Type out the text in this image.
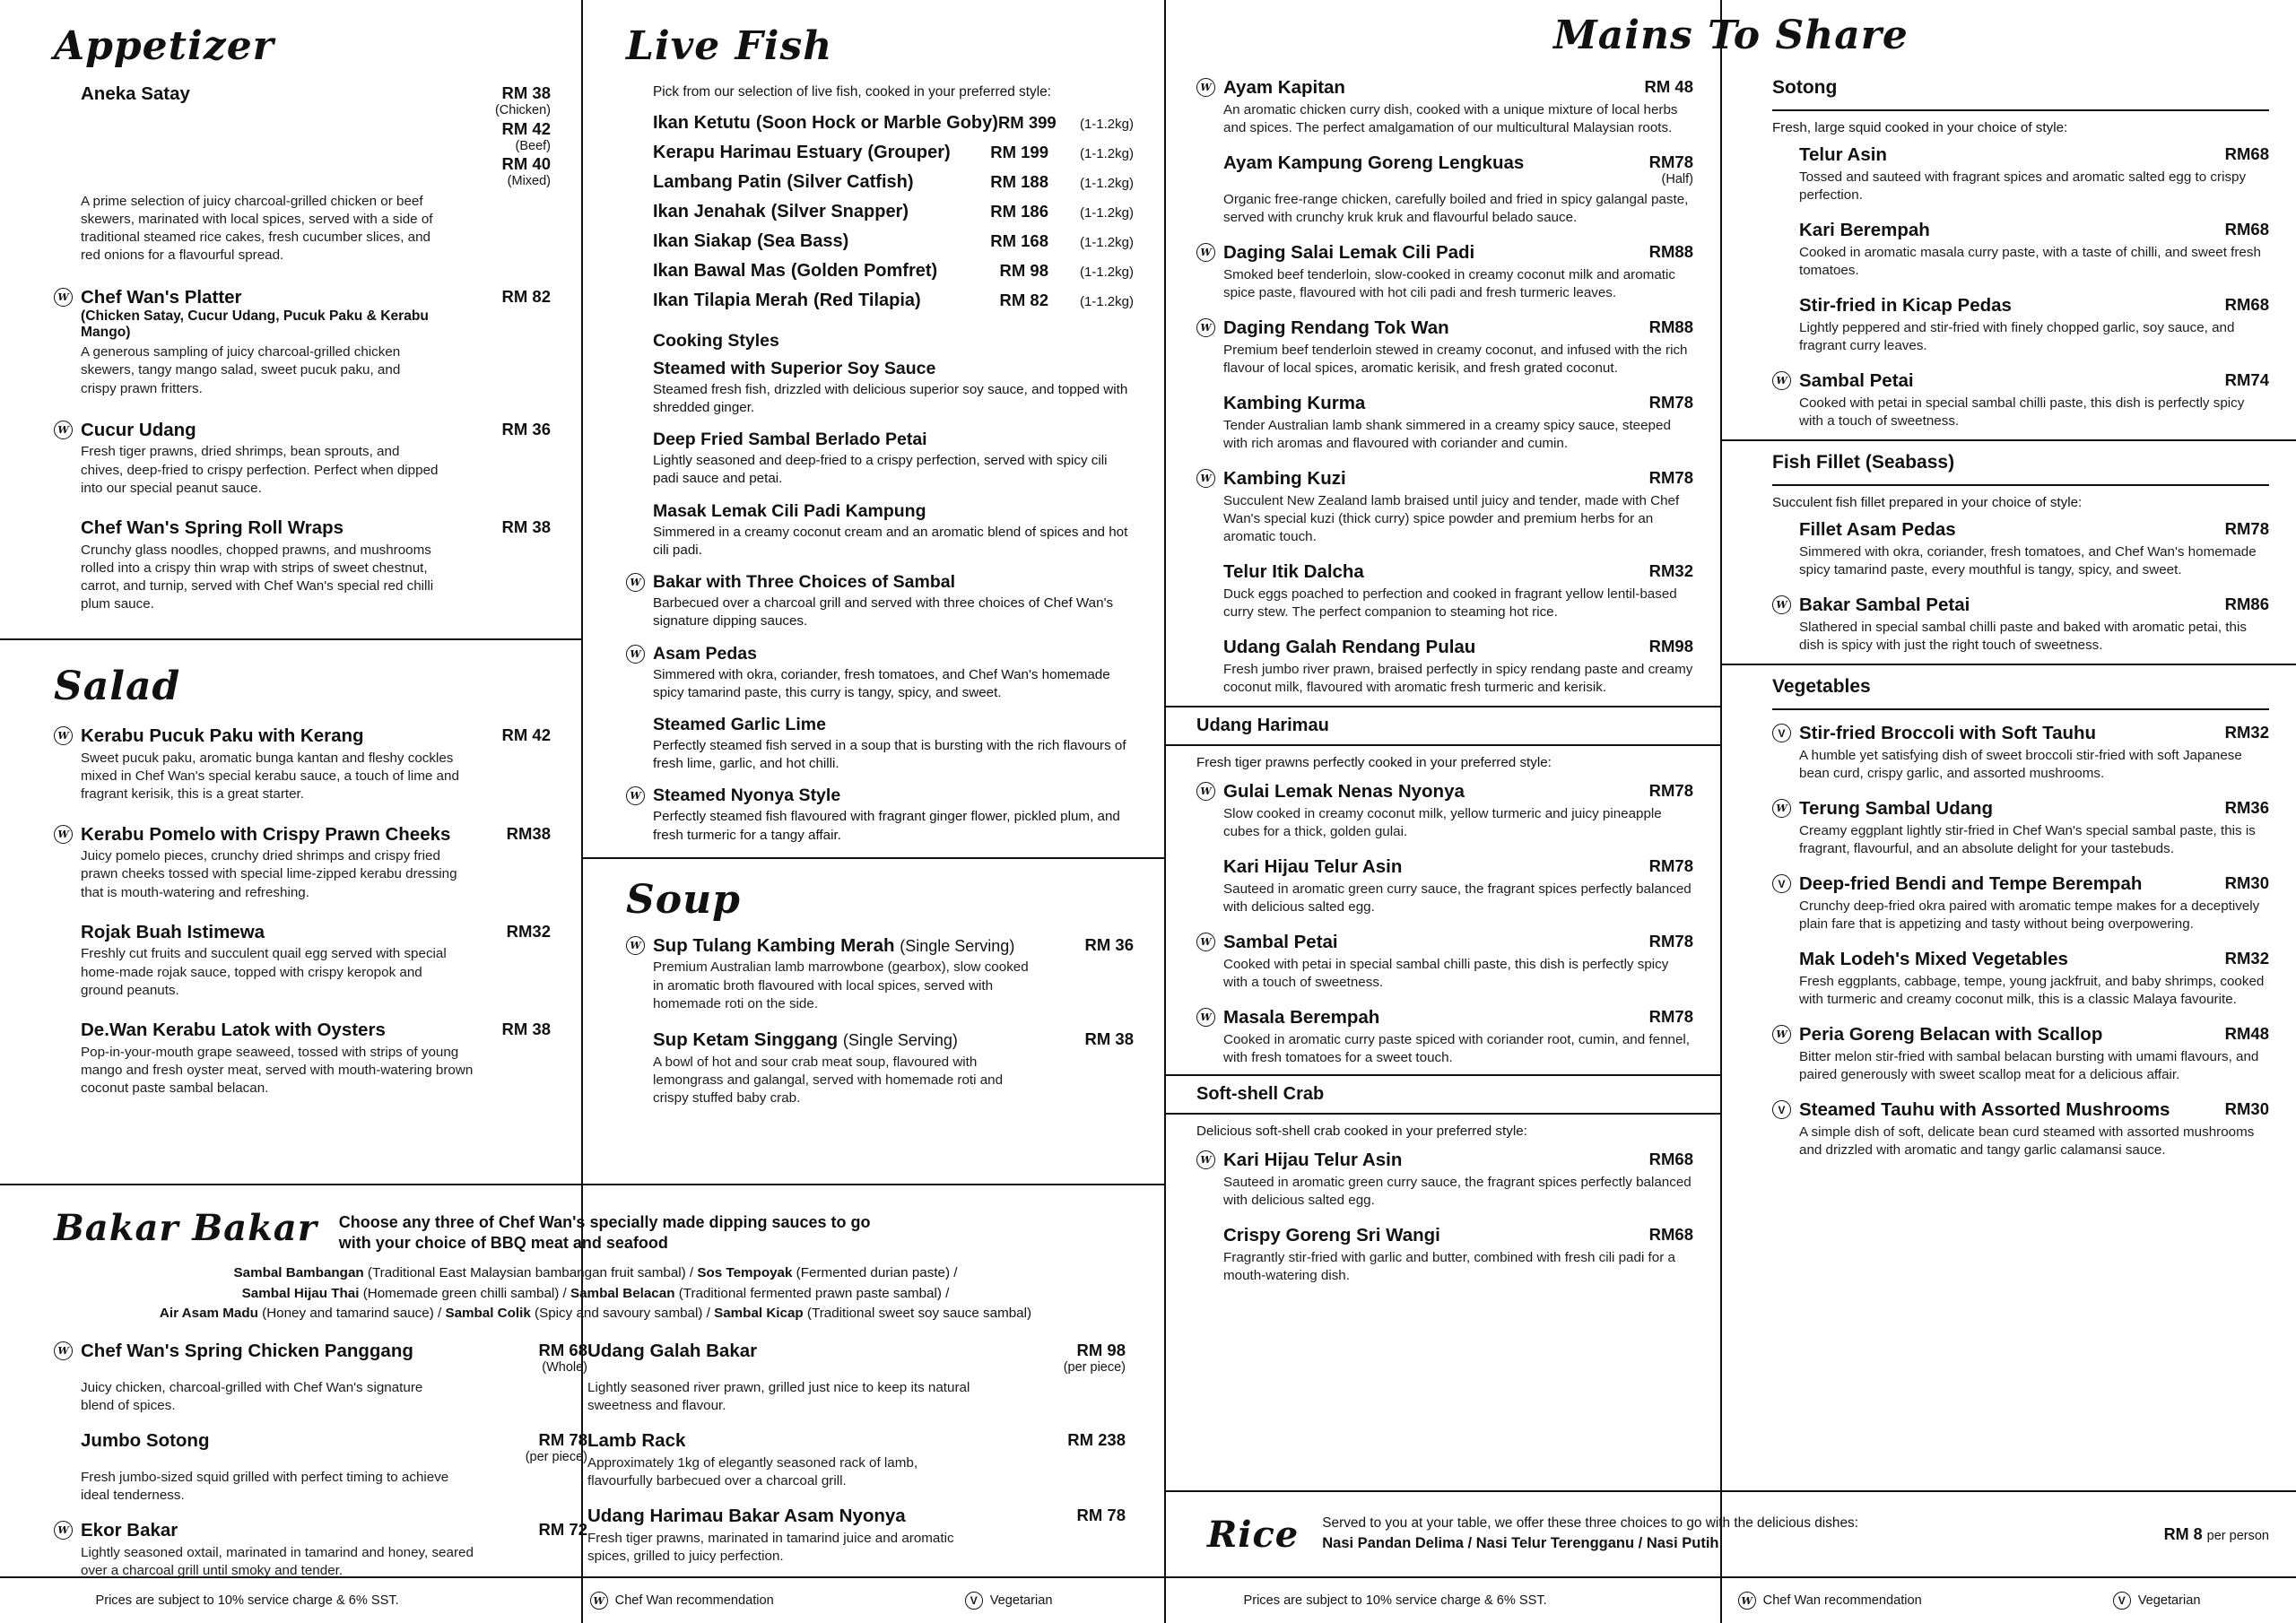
Appetizer
Aneka Satay	RM 38
(Chicken)
RM 42
(Beef)
RM 40
(Mixed)
A prime selection of juicy charcoal-grilled chicken or beef skewers, marinated with local spices, served with a side of traditional steamed rice cakes, fresh cucumber slices, and red onions for a flavourful spread.
W Chef Wan's Platter	RM 82
(Chicken Satay, Cucur Udang, Pucuk Paku & Kerabu Mango)
A generous sampling of juicy charcoal-grilled chicken skewers, tangy mango salad, sweet pucuk paku, and crispy prawn fritters.
W Cucur Udang	RM 36
Fresh tiger prawns, dried shrimps, bean sprouts, and chives, deep-fried to crispy perfection. Perfect when dipped into our special peanut sauce.
Chef Wan's Spring Roll Wraps	RM 38
Crunchy glass noodles, chopped prawns, and mushrooms rolled into a crispy thin wrap with strips of sweet chestnut, carrot, and turnip, served with Chef Wan's special red chilli plum sauce.
Salad
W Kerabu Pucuk Paku with Kerang	RM 42
Sweet pucuk paku, aromatic bunga kantan and fleshy cockles mixed in Chef Wan's special kerabu sauce, a touch of lime and fragrant kerisik, this is a great starter.
W Kerabu Pomelo with Crispy Prawn Cheeks	RM38
Juicy pomelo pieces, crunchy dried shrimps and crispy fried prawn cheeks tossed with special lime-zipped kerabu dressing that is mouth-watering and refreshing.
Rojak Buah Istimewa	RM32
Freshly cut fruits and succulent quail egg served with special home-made rojak sauce, topped with crispy keropok and ground peanuts.
De.Wan Kerabu Latok with Oysters	RM 38
Pop-in-your-mouth grape seaweed, tossed with strips of young mango and fresh oyster meat, served with mouth-watering brown coconut paste sambal belacan.
Live Fish
Pick from our selection of live fish, cooked in your preferred style:
Ikan Ketutu (Soon Hock or Marble Goby) RM 399	(1-1.2kg)
Kerapu Harimau Estuary (Grouper) RM 199	(1-1.2kg)
Lambang Patin (Silver Catfish)	RM 188	(1-1.2kg)
Ikan Jenahak (Silver Snapper)	RM 186	(1-1.2kg)
Ikan Siakap (Sea Bass)	RM 168	(1-1.2kg)
Ikan Bawal Mas (Golden Pomfret)	RM 98	(1-1.2kg)
Ikan Tilapia Merah (Red Tilapia)	RM 82	(1-1.2kg)
Cooking Styles
Steamed with Superior Soy Sauce
Steamed fresh fish, drizzled with delicious superior soy sauce, and topped with shredded ginger.
Deep Fried Sambal Berlado Petai
Lightly seasoned and deep-fried to a crispy perfection, served with spicy cili padi sauce and petai.
Masak Lemak Cili Padi Kampung
Simmered in a creamy coconut cream and an aromatic blend of spices and hot cili padi.
W Bakar with Three Choices of Sambal
Barbecued over a charcoal grill and served with three choices of Chef Wan's signature dipping sauces.
W Asam Pedas
Simmered with okra, coriander, fresh tomatoes, and Chef Wan's homemade spicy tamarind paste, this curry is tangy, spicy, and sweet.
Steamed Garlic Lime
Perfectly steamed fish served in a soup that is bursting with the rich flavours of fresh lime, garlic, and hot chilli.
W Steamed Nyonya Style
Perfectly steamed fish flavoured with fragrant ginger flower, pickled plum, and fresh turmeric for a tangy affair.
Soup
W Sup Tulang Kambing Merah (Single Serving)	RM 36
Premium Australian lamb marrowbone (gearbox), slow cooked in aromatic broth flavoured with local spices, served with homemade roti on the side.
Sup Ketam Singgang (Single Serving)	RM 38
A bowl of hot and sour crab meat soup, flavoured with lemongrass and galangal, served with homemade roti and crispy stuffed baby crab.
W Ayam Kapitan	RM 48
An aromatic chicken curry dish, cooked with a unique mixture of local herbs and spices. The perfect amalgamation of our multicultural Malaysian roots.
Ayam Kampung Goreng Lengkuas	RM78
(Half)
Organic free-range chicken, carefully boiled and fried in spicy galangal paste, served with crunchy kruk kruk and flavourful belado sauce.
W Daging Salai Lemak Cili Padi	RM88
Smoked beef tenderloin, slow-cooked in creamy coconut milk and aromatic spice paste, flavoured with hot cili padi and fresh turmeric leaves.
W Daging Rendang Tok Wan	RM88
Premium beef tenderloin stewed in creamy coconut, and infused with the rich flavour of local spices, aromatic kerisik, and fresh grated coconut.
Kambing Kurma	RM78
Tender Australian lamb shank simmered in a creamy spicy sauce, steeped with rich aromas and flavoured with coriander and cumin.
W Kambing Kuzi	RM78
Succulent New Zealand lamb braised until juicy and tender, made with Chef Wan's special kuzi (thick curry) spice powder and premium herbs for an aromatic touch.
Telur Itik Dalcha	RM32
Duck eggs poached to perfection and cooked in fragrant yellow lentil-based curry stew. The perfect companion to steaming hot rice.
Udang Galah Rendang Pulau	RM98
Fresh jumbo river prawn, braised perfectly in spicy rendang paste and creamy coconut milk, flavoured with aromatic fresh turmeric and kerisik.
Udang Harimau
Fresh tiger prawns perfectly cooked in your preferred style:
W Gulai Lemak Nenas Nyonya	RM78
Slow cooked in creamy coconut milk, yellow turmeric and juicy pineapple cubes for a thick, golden gulai.
Kari Hijau Telur Asin	RM78
Sauteed in aromatic green curry sauce, the fragrant spices perfectly balanced with delicious salted egg.
W Sambal Petai	RM78
Cooked with petai in special sambal chilli paste, this dish is perfectly spicy with a touch of sweetness.
W Masala Berempah	RM78
Cooked in aromatic curry paste spiced with coriander root, cumin, and fennel, with fresh tomatoes for a sweet touch.
Soft-shell Crab
Delicious soft-shell crab cooked in your preferred style:
W Kari Hijau Telur Asin	RM68
Sauteed in aromatic green curry sauce, the fragrant spices perfectly balanced with delicious salted egg.
Crispy Goreng Sri Wangi	RM68
Fragrantly stir-fried with garlic and butter, combined with fresh cili padi for a mouth-watering dish.
Sotong
Fresh, large squid cooked in your choice of style:
Telur Asin	RM68
Tossed and sauteed with fragrant spices and aromatic salted egg to crispy perfection.
Kari Berempah	RM68
Cooked in aromatic masala curry paste, with a taste of chilli, and sweet fresh tomatoes.
Stir-fried in Kicap Pedas	RM68
Lightly peppered and stir-fried with finely chopped garlic, soy sauce, and fragrant curry leaves.
W Sambal Petai	RM74
Cooked with petai in special sambal chilli paste, this dish is perfectly spicy with a touch of sweetness.
Fish Fillet (Seabass)
Succulent fish fillet prepared in your choice of style:
Fillet Asam Pedas	RM78
Simmered with okra, coriander, fresh tomatoes, and Chef Wan's homemade spicy tamarind paste, every mouthful is tangy, spicy, and sweet.
W Bakar Sambal Petai	RM86
Slathered in special sambal chilli paste and baked with aromatic petai, this dish is spicy with just the right touch of sweetness.
Vegetables
V Stir-fried Broccoli with Soft Tauhu	RM32
A humble yet satisfying dish of sweet broccoli stir-fried with soft Japanese bean curd, crispy garlic, and assorted mushrooms.
W Terung Sambal Udang	RM36
Creamy eggplant lightly stir-fried in Chef Wan's special sambal paste, this is fragrant, flavourful, and an absolute delight for your tastebuds.
V Deep-fried Bendi and Tempe Berempah	RM30
Crunchy deep-fried okra paired with aromatic tempe makes for a deceptively plain fare that is appetizing and tasty without being overpowering.
Mak Lodeh's Mixed Vegetables	RM32
Fresh eggplants, cabbage, tempe, young jackfruit, and baby shrimps, cooked with turmeric and creamy coconut milk, this is a classic Malaya favourite.
W Peria Goreng Belacan with Scallop	RM48
Bitter melon stir-fried with sambal belacan bursting with umami flavours, and paired generously with sweet scallop meat for a delicious affair.
V Steamed Tauhu with Assorted Mushrooms	RM30
A simple dish of soft, delicate bean curd steamed with assorted mushrooms and drizzled with aromatic and tangy garlic calamansi sauce.
Mains To Share
Bakar Bakar Choose any three of Chef Wan's specially made dipping sauces to go with your choice of BBQ meat and seafood
Sambal Bambangan (Traditional East Malaysian bambangan fruit sambal) / Sos Tempoyak (Fermented durian paste) /
Sambal Hijau Thai (Homemade green chilli sambal) / Sambal Belacan (Traditional fermented prawn paste sambal) /
Air Asam Madu (Honey and tamarind sauce) / Sambal Colik (Spicy and savoury sambal) / Sambal Kicap (Traditional sweet soy sauce sambal)
W Chef Wan's Spring Chicken Panggang	RM 68
(Whole)
Juicy chicken, charcoal-grilled with Chef Wan's signature blend of spices.
Jumbo Sotong	RM 78
(per piece)
Fresh jumbo-sized squid grilled with perfect timing to achieve ideal tenderness.
W Ekor Bakar	RM 72
Lightly seasoned oxtail, marinated in tamarind and honey, seared over a charcoal grill until smoky and tender.
Udang Galah Bakar	RM 98
(per piece)
Lightly seasoned river prawn, grilled just nice to keep its natural sweetness and flavour.
Lamb Rack	RM 238
Approximately 1kg of elegantly seasoned rack of lamb, flavourfully barbecued over a charcoal grill.
Udang Harimau Bakar Asam Nyonya	RM 78
Fresh tiger prawns, marinated in tamarind juice and aromatic spices, grilled to juicy perfection.
Rice Served to you at your table, we offer these three choices to go with the delicious dishes:
Nasi Pandan Delima / Nasi Telur Terengganu / Nasi Putih
RM 8 per person
Prices are subject to 10% service charge & 6% SST.	W Chef Wan recommendation	V Vegetarian	Prices are subject to 10% service charge & 6% SST.	W Chef Wan recommendation	V Vegetarian
